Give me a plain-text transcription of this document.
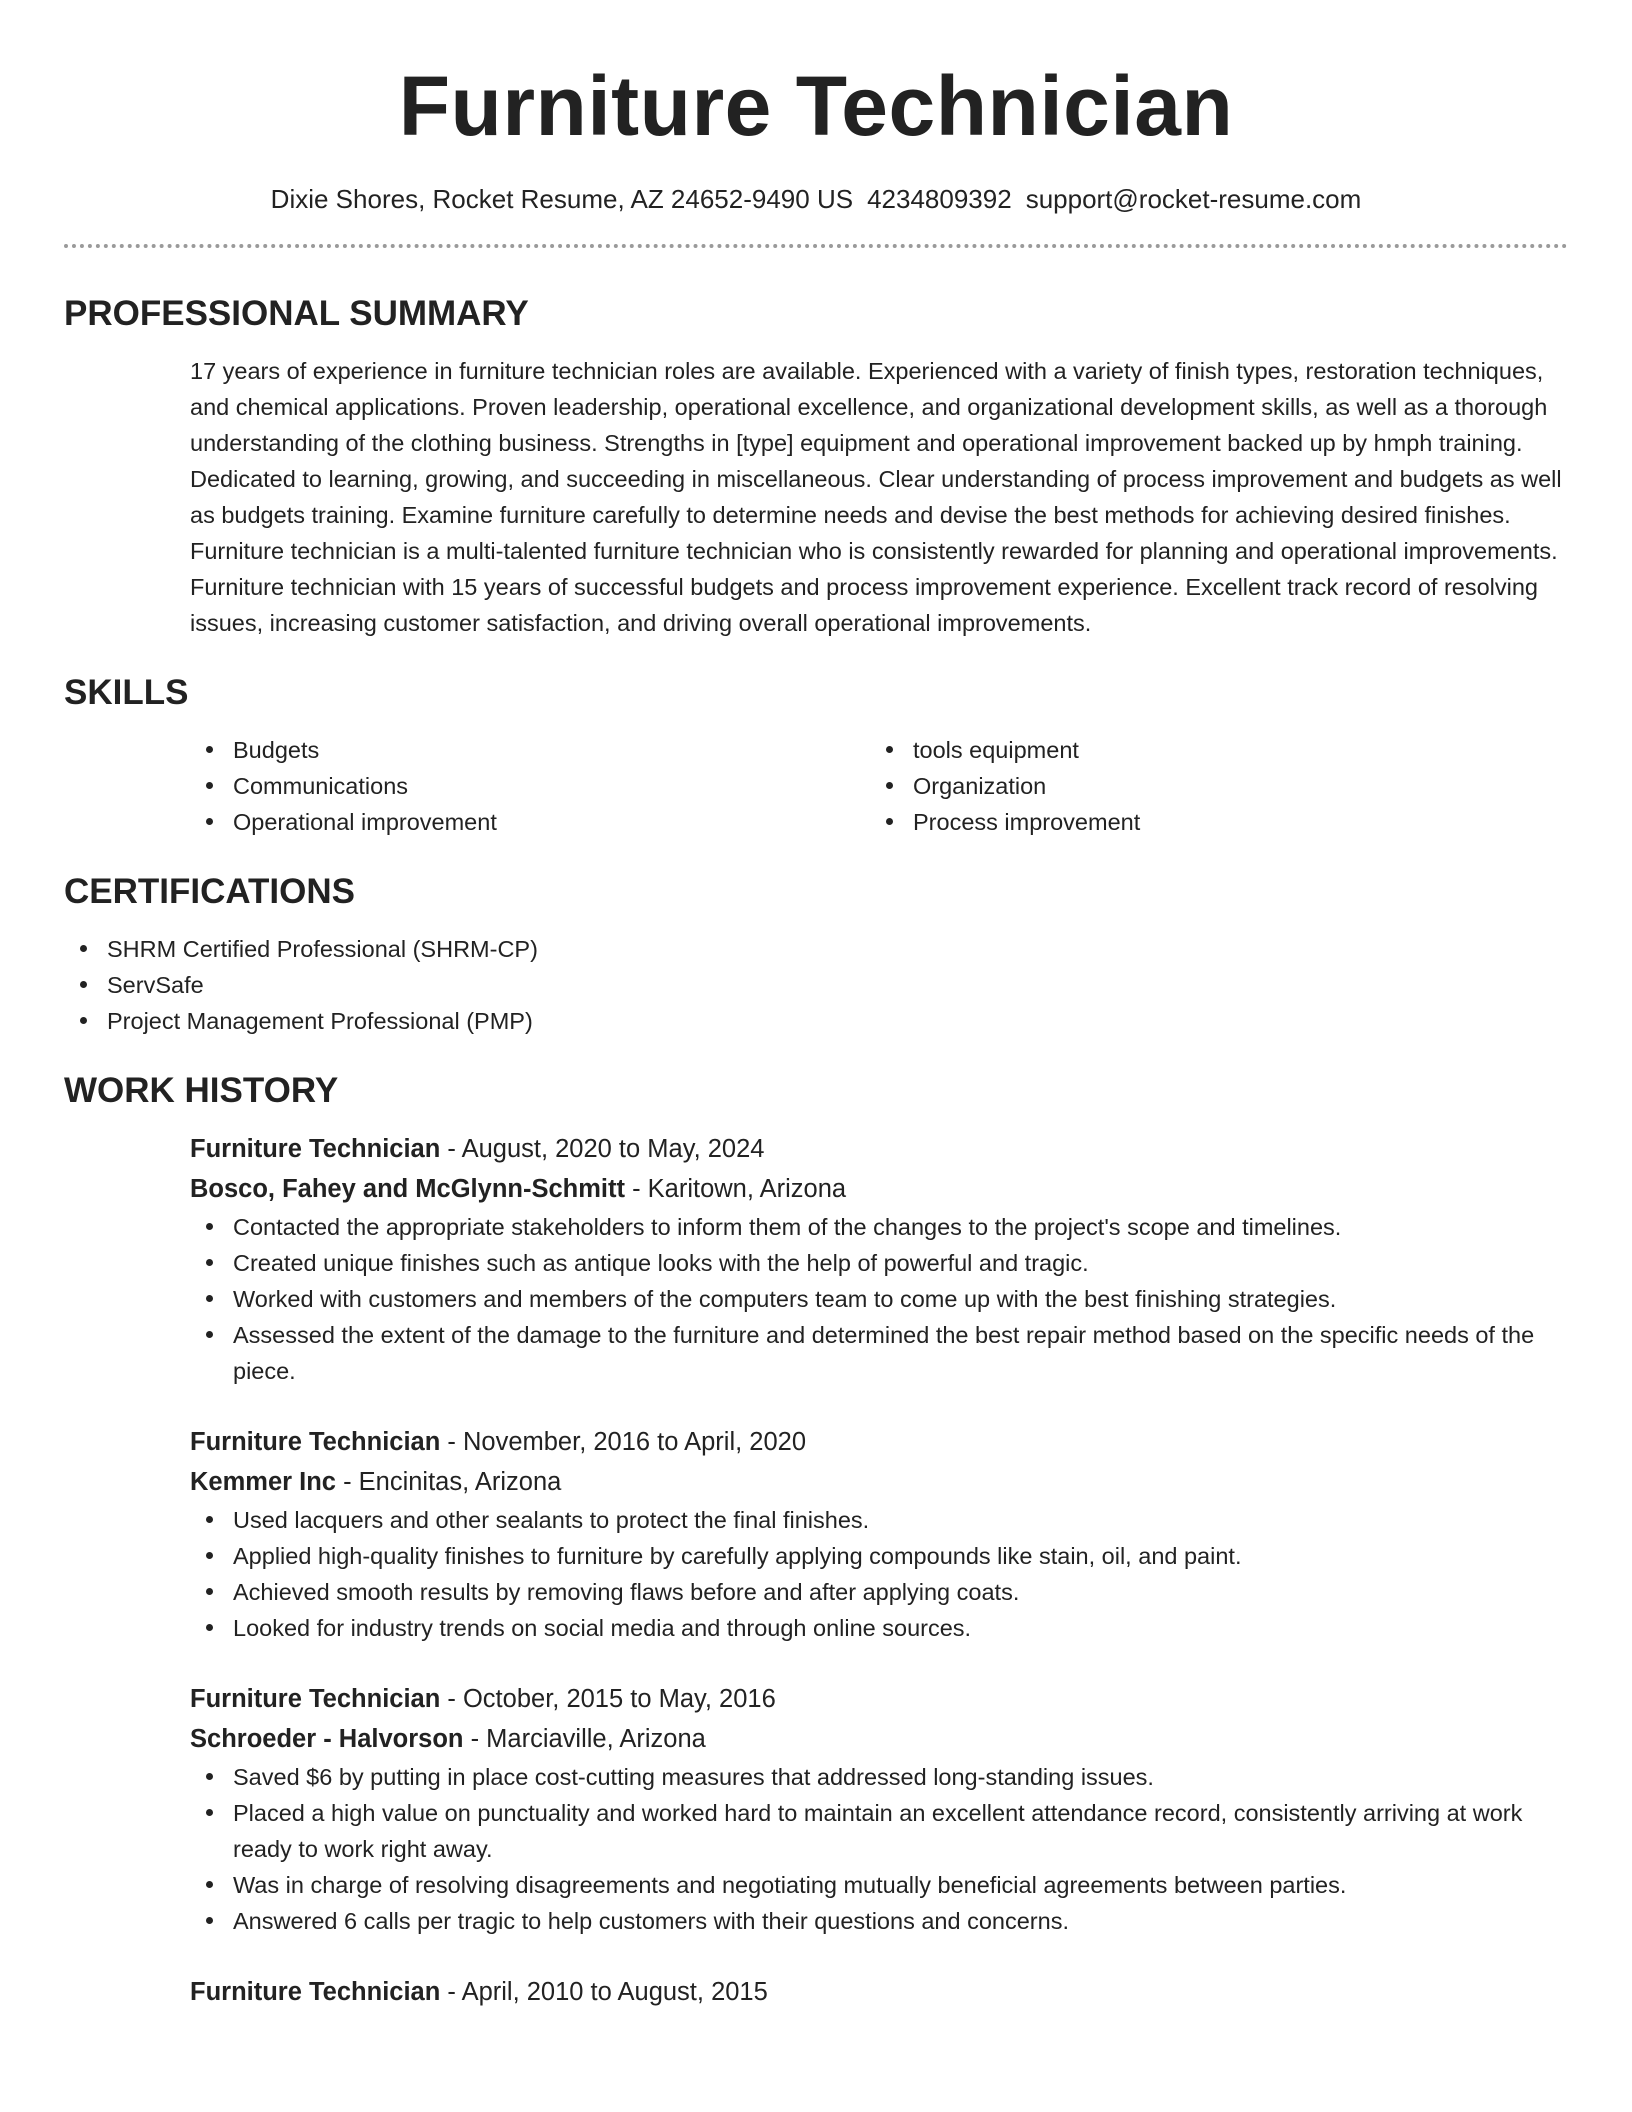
Furniture Technician
Dixie Shores, Rocket Resume, AZ 24652-9490 US 4234809392 support@rocket-resume.com
PROFESSIONAL SUMMARY
17 years of experience in furniture technician roles are available. Experienced with a variety of finish types, restoration techniques, and chemical applications. Proven leadership, operational excellence, and organizational development skills, as well as a thorough understanding of the clothing business. Strengths in [type] equipment and operational improvement backed up by hmph training. Dedicated to learning, growing, and succeeding in miscellaneous. Clear understanding of process improvement and budgets as well as budgets training. Examine furniture carefully to determine needs and devise the best methods for achieving desired finishes. Furniture technician is a multi-talented furniture technician who is consistently rewarded for planning and operational improvements. Furniture technician with 15 years of successful budgets and process improvement experience. Excellent track record of resolving issues, increasing customer satisfaction, and driving overall operational improvements.
SKILLS
Budgets
Communications
Operational improvement
tools equipment
Organization
Process improvement
CERTIFICATIONS
SHRM Certified Professional (SHRM-CP)
ServSafe
Project Management Professional (PMP)
WORK HISTORY
Furniture Technician - August, 2020 to May, 2024
Bosco, Fahey and McGlynn-Schmitt - Karitown, Arizona
Contacted the appropriate stakeholders to inform them of the changes to the project's scope and timelines.
Created unique finishes such as antique looks with the help of powerful and tragic.
Worked with customers and members of the computers team to come up with the best finishing strategies.
Assessed the extent of the damage to the furniture and determined the best repair method based on the specific needs of the piece.
Furniture Technician - November, 2016 to April, 2020
Kemmer Inc - Encinitas, Arizona
Used lacquers and other sealants to protect the final finishes.
Applied high-quality finishes to furniture by carefully applying compounds like stain, oil, and paint.
Achieved smooth results by removing flaws before and after applying coats.
Looked for industry trends on social media and through online sources.
Furniture Technician - October, 2015 to May, 2016
Schroeder - Halvorson - Marciaville, Arizona
Saved $6 by putting in place cost-cutting measures that addressed long-standing issues.
Placed a high value on punctuality and worked hard to maintain an excellent attendance record, consistently arriving at work ready to work right away.
Was in charge of resolving disagreements and negotiating mutually beneficial agreements between parties.
Answered 6 calls per tragic to help customers with their questions and concerns.
Furniture Technician - April, 2010 to August, 2015
